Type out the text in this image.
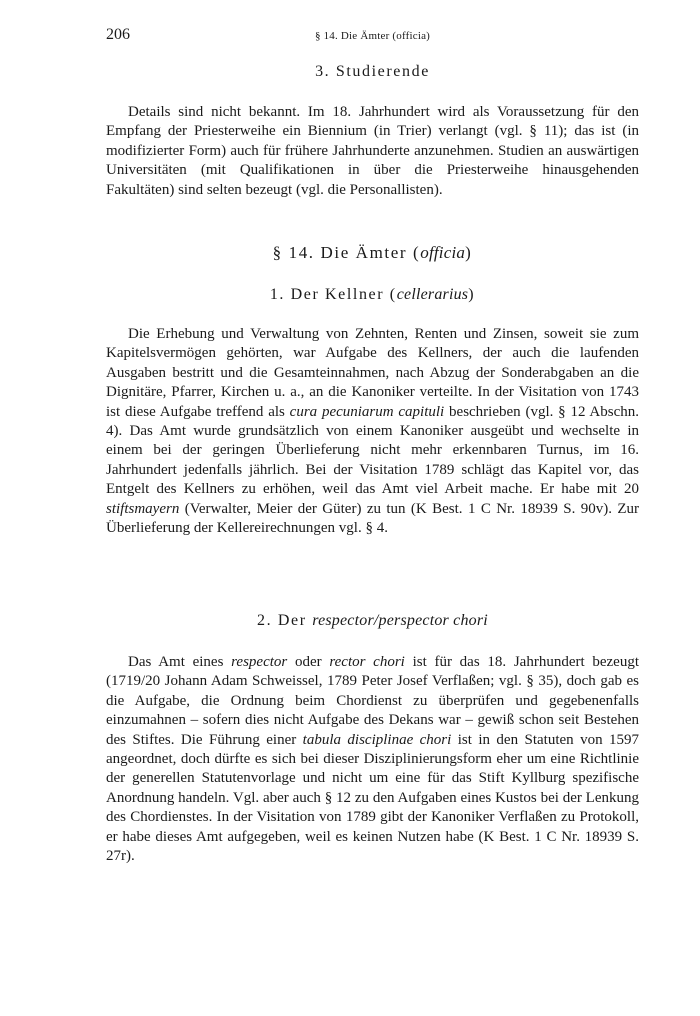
206	§ 14. Die Ämter (officia)
3. Studierende

Details sind nicht bekannt. Im 18. Jahrhundert wird als Voraussetzung für den Empfang der Priesterweihe ein Biennium (in Trier) verlangt (vgl. § 11); das ist (in modifizierter Form) auch für frühere Jahrhunderte anzunehmen. Studien an auswärtigen Universitäten (mit Qualifikationen in über die Priesterweihe hinausgehenden Fakultäten) sind selten bezeugt (vgl. die Personallisten).

§ 14. Die Ämter (officia)
1. Der Kellner (cellerarius)

Die Erhebung und Verwaltung von Zehnten, Renten und Zinsen, soweit sie zum Kapitelsvermögen gehörten, war Aufgabe des Kellners, der auch die laufenden Ausgaben bestritt und die Gesamteinnahmen, nach Abzug der Sonderabgaben an die Dignitäre, Pfarrer, Kirchen u. a., an die Kanoniker verteilte. In der Visitation von 1743 ist diese Aufgabe treffend als cura pecuniarum capituli beschrieben (vgl. § 12 Abschn. 4). Das Amt wurde grundsätzlich von einem Kanoniker ausgeübt und wechselte in einem bei der geringen Überlieferung nicht mehr erkennbaren Turnus, im 16. Jahrhundert jedenfalls jährlich. Bei der Visitation 1789 schlägt das Kapitel vor, das Entgelt des Kellners zu erhöhen, weil das Amt viel Arbeit mache. Er habe mit 20 stiftsmayern (Verwalter, Meier der Güter) zu tun (K Best. 1 C Nr. 18939 S. 90v). Zur Überlieferung der Kellereirechnungen vgl. § 4.

2. Der respector/perspector chori

Das Amt eines respector oder rector chori ist für das 18. Jahrhundert bezeugt (1719/20 Johann Adam Schweissel, 1789 Peter Josef Verflaßen; vgl. § 35), doch gab es die Aufgabe, die Ordnung beim Chordienst zu überprüfen und gegebenenfalls einzumahnen – sofern dies nicht Aufgabe des Dekans war – gewiß schon seit Bestehen des Stiftes. Die Führung einer tabula disciplinae chori ist in den Statuten von 1597 angeordnet, doch dürfte es sich bei dieser Disziplinierungsform eher um eine Richtlinie der generellen Statutenvorlage und nicht um eine für das Stift Kyllburg spezifische Anordnung handeln. Vgl. aber auch § 12 zu den Aufgaben eines Kustos bei der Lenkung des Chordienstes. In der Visitation von 1789 gibt der Kanoniker Verflaßen zu Protokoll, er habe dieses Amt aufgegeben, weil es keinen Nutzen habe (K Best. 1 C Nr. 18939 S. 27r).
